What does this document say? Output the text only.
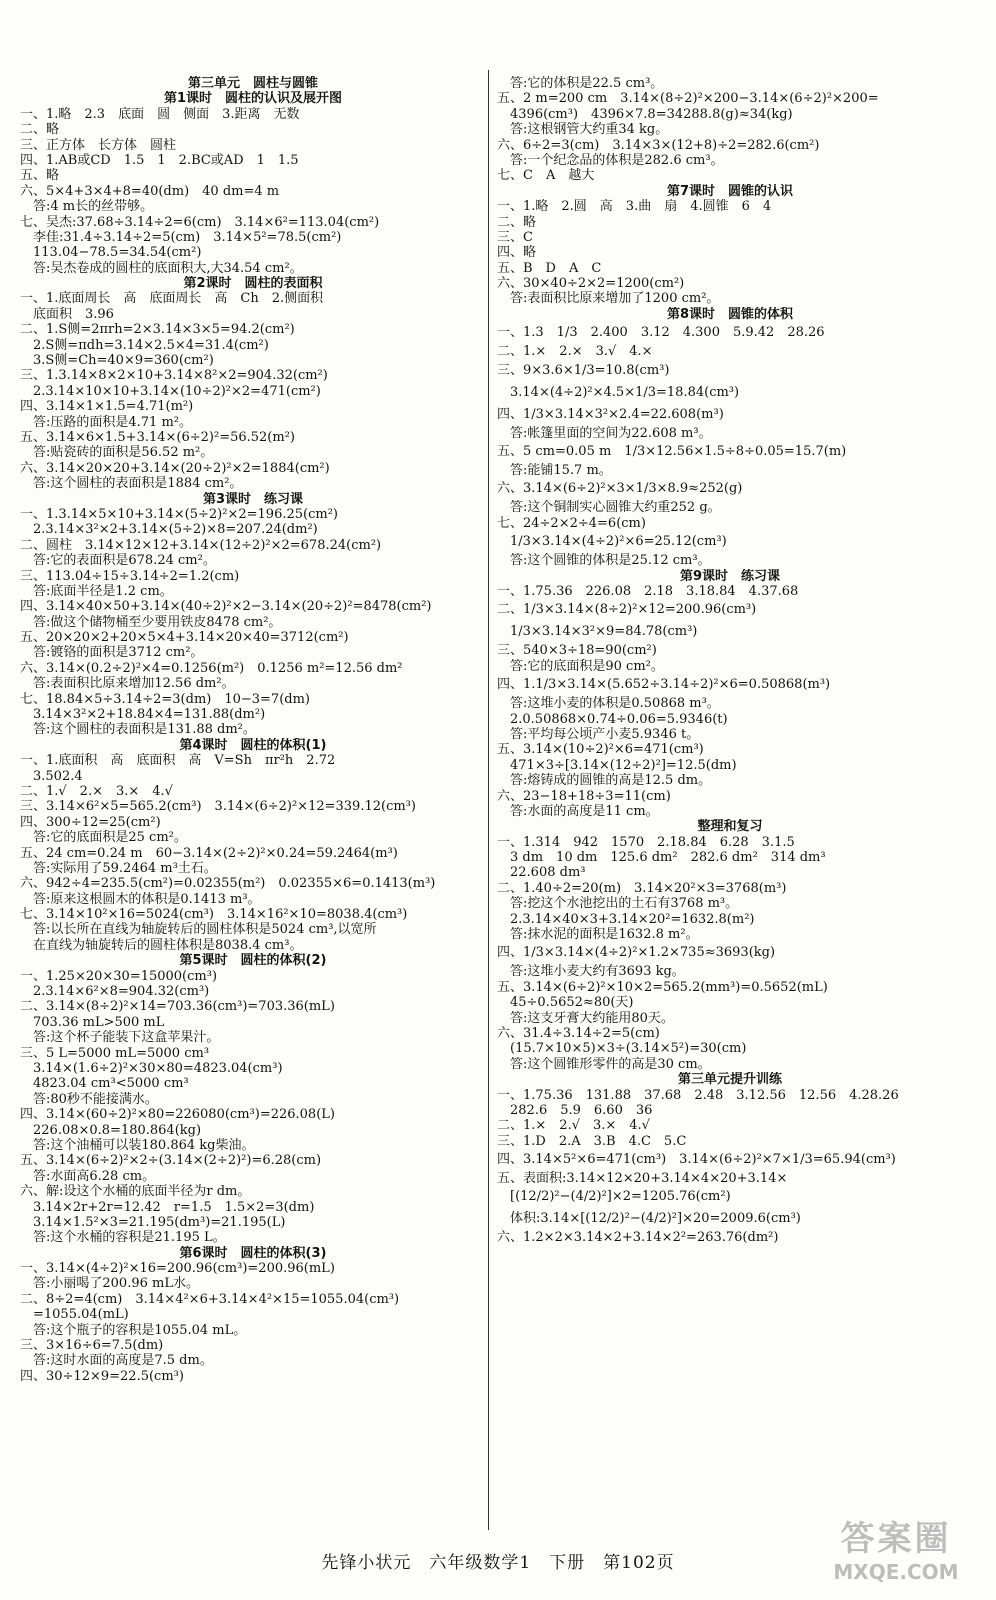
第三单元　圆柱与圆锥
第1课时　圆柱的认识及展开图
一、1.略　2.3　底面　圆　侧面　3.距离　无数
二、略
三、正方体　长方体　圆柱
四、1.AB或CD　1.5　1　2.BC或AD　1　1.5
五、略
六、5×4+3×4+8=40(dm)　40 dm=4 m
　答:4 m长的丝带够。
七、吴杰:37.68÷3.14÷2=6(cm)　3.14×6²=113.04(cm²)
　李佳:31.4÷3.14÷2=5(cm)　3.14×5²=78.5(cm²)
　113.04−78.5=34.54(cm²)
　答:吴杰卷成的圆柱的底面积大,大34.54 cm²。
第2课时　圆柱的表面积
一、1.底面周长　高　底面周长　高　Ch　2.侧面积
　底面积　3.96
二、1.S侧=2πrh=2×3.14×3×5=94.2(cm²)
　2.S侧=πdh=3.14×2.5×4=31.4(cm²)
　3.S侧=Ch=40×9=360(cm²)
三、1.3.14×8×2×10+3.14×8²×2=904.32(cm²)
　2.3.14×10×10+3.14×(10÷2)²×2=471(cm²)
四、3.14×1×1.5=4.71(m²)
　答:压路的面积是4.71 m²。
五、3.14×6×1.5+3.14×(6÷2)²=56.52(m²)
　答:贴瓷砖的面积是56.52 m²。
六、3.14×20×20+3.14×(20÷2)²×2=1884(cm²)
　答:这个圆柱的表面积是1884 cm²。
第3课时　练习课
一、1.3.14×5×10+3.14×(5÷2)²×2=196.25(cm²)
　2.3.14×3²×2+3.14×(5÷2)×8=207.24(dm²)
二、圆柱　3.14×12×12+3.14×(12÷2)²×2=678.24(cm²)
　答:它的表面积是678.24 cm²。
三、113.04÷15÷3.14÷2=1.2(cm)
　答:底面半径是1.2 cm。
四、3.14×40×50+3.14×(40÷2)²×2−3.14×(20÷2)²=8478(cm²)
　答:做这个储物桶至少要用铁皮8478 cm²。
五、20×20×2+20×5×4+3.14×20×40=3712(cm²)
　答:镀铬的面积是3712 cm²。
六、3.14×(0.2÷2)²×4=0.1256(m²)　0.1256 m²=12.56 dm²
　答:表面积比原来增加12.56 dm²。
七、18.84×5÷3.14÷2=3(dm)　10−3=7(dm)
　3.14×3²×2+18.84×4=131.88(dm²)
　答:这个圆柱的表面积是131.88 dm²。
第4课时　圆柱的体积(1)
一、1.底面积　高　底面积　高　V=Sh　πr²h　2.72
　3.502.4
二、1.√　2.×　3.×　4.√
三、3.14×6²×5=565.2(cm³)　3.14×(6÷2)²×12=339.12(cm³)
四、300÷12=25(cm²)
　答:它的底面积是25 cm²。
五、24 cm=0.24 m　60−3.14×(2÷2)²×0.24=59.2464(m³)
　答:实际用了59.2464 m³土石。
六、942÷4=235.5(cm²)=0.02355(m²)　0.02355×6=0.1413(m³)
　答:原来这根圆木的体积是0.1413 m³。
七、3.14×10²×16=5024(cm³)　3.14×16²×10=8038.4(cm³)
　答:以长所在直线为轴旋转后的圆柱体积是5024 cm³,以宽所
　在直线为轴旋转后的圆柱体积是8038.4 cm³。
第5课时　圆柱的体积(2)
一、1.25×20×30=15000(cm³)
　2.3.14×6²×8=904.32(cm³)
二、3.14×(8÷2)²×14=703.36(cm³)=703.36(mL)
　703.36 mL>500 mL
　答:这个杯子能装下这盒苹果汁。
三、5 L=5000 mL=5000 cm³
　3.14×(1.6÷2)²×30×80=4823.04(cm³)
　4823.04 cm³<5000 cm³
　答:80秒不能接满水。
四、3.14×(60÷2)²×80=226080(cm³)=226.08(L)
　226.08×0.8=180.864(kg)
　答:这个油桶可以装180.864 kg柴油。
五、3.14×(6÷2)²×2÷(3.14×(2÷2)²)=6.28(cm)
　答:水面高6.28 cm。
六、解:设这个水桶的底面半径为r dm。
　3.14×2r+2r=12.42　r=1.5　1.5×2=3(dm)
　3.14×1.5²×3=21.195(dm³)=21.195(L)
　答:这个水桶的容积是21.195 L。
第6课时　圆柱的体积(3)
一、3.14×(4÷2)²×16=200.96(cm³)=200.96(mL)
　答:小丽喝了200.96 mL水。
二、8÷2=4(cm)　3.14×4²×6+3.14×4²×15=1055.04(cm³)
　=1055.04(mL)
　答:这个瓶子的容积是1055.04 mL。
三、3×16÷6=7.5(dm)
　答:这时水面的高度是7.5 dm。
四、30÷12×9=22.5(cm³)
　答:它的体积是22.5 cm³。
五、2 m=200 cm　3.14×(8÷2)²×200−3.14×(6÷2)²×200=
　4396(cm³)　4396×7.8=34288.8(g)≈34(kg)
　答:这根钢管大约重34 kg。
六、6÷2=3(cm)　3.14×3×(12+8)÷2=282.6(cm²)
　答:一个纪念品的体积是282.6 cm³。
七、C　A　越大
第7课时　圆锥的认识
一、1.略　2.圆　高　3.曲　扇　4.圆锥　6　4
二、略
三、C
四、略
五、B　D　A　C
六、30×40÷2×2=1200(cm²)
　答:表面积比原来增加了1200 cm²。
第8课时　圆锥的体积
一、1.3　1/3　2.400　3.12　4.300　5.9.42　28.26
二、1.×　2.×　3.√　4.×
三、9×3.6×1/3=10.8(cm³)
　3.14×(4÷2)²×4.5×1/3=18.84(cm³)
四、1/3×3.14×3²×2.4=22.608(m³)
　答:帐篷里面的空间为22.608 m³。
五、5 cm=0.05 m　1/3×12.56×1.5÷8÷0.05=15.7(m)
　答:能铺15.7 m。
六、3.14×(6÷2)²×3×1/3×8.9≈252(g)
　答:这个铜制实心圆锥大约重252 g。
七、24÷2×2÷4=6(cm)
　1/3×3.14×(4÷2)²×6=25.12(cm³)
　答:这个圆锥的体积是25.12 cm³。
第9课时　练习课
一、1.75.36　226.08　2.18　3.18.84　4.37.68
二、1/3×3.14×(8÷2)²×12=200.96(cm³)
　1/3×3.14×3²×9=84.78(cm³)
三、540×3÷18=90(cm²)
　答:它的底面积是90 cm²。
四、1.1/3×3.14×(5.652÷3.14÷2)²×6=0.50868(m³)
　答:这堆小麦的体积是0.50868 m³。
　2.0.50868×0.74÷0.06=5.9346(t)
　答:平均每公顷产小麦5.9346 t。
五、3.14×(10÷2)²×6=471(cm³)
　471×3÷[3.14×(12÷2)²]=12.5(dm)
　答:熔铸成的圆锥的高是12.5 dm。
六、23−18+18÷3=11(cm)
　答:水面的高度是11 cm。
整理和复习
一、1.314　942　1570　2.18.84　6.28　3.1.5
　3 dm　10 dm　125.6 dm²　282.6 dm²　314 dm³
　22.608 dm³
二、1.40÷2=20(m)　3.14×20²×3=3768(m³)
　答:挖这个水池挖出的土石有3768 m³。
　2.3.14×40×3+3.14×20²=1632.8(m²)
　答:抹水泥的面积是1632.8 m²。
四、1/3×3.14×(4÷2)²×1.2×735≈3693(kg)
　答:这堆小麦大约有3693 kg。
五、3.14×(6÷2)²×10×2=565.2(mm³)=0.5652(mL)
　45÷0.5652≈80(天)
　答:这支牙膏大约能用80天。
六、31.4÷3.14÷2=5(cm)
　(15.7×10×5)×3÷(3.14×5²)=30(cm)
　答:这个圆锥形零件的高是30 cm。
第三单元提升训练
一、1.75.36　131.88　37.68　2.48　3.12.56　12.56　4.28.26
　282.6　5.9　6.60　36
二、1.×　2.√　3.×　4.√
三、1.D　2.A　3.B　4.C　5.C
四、3.14×5²×6=471(cm³)　3.14×(6÷2)²×7×1/3=65.94(cm³)
五、表面积:3.14×12×20+3.14×4×20+3.14×
　[(12/2)²−(4/2)²]×2=1205.76(cm²)
　体积:3.14×[(12/2)²−(4/2)²]×20=2009.6(cm³)
六、1.2×2×3.14×2+3.14×2²=263.76(dm²)
先锋小状元　六年级数学1　下册　第102页
答案圈
MXQE.COM
